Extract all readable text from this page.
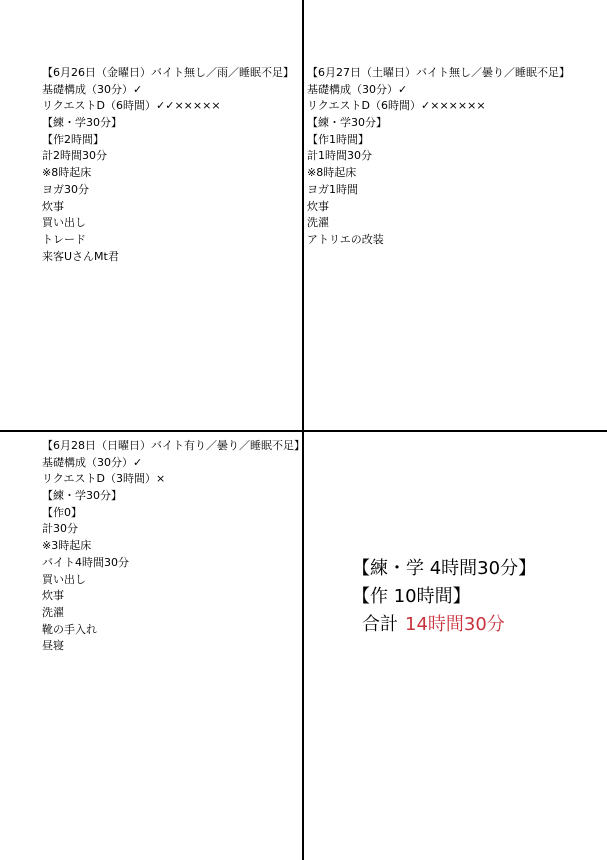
【6月26日（金曜日）バイト無し／雨／睡眠不足】
基礎構成（30分）✓
リクエストD（6時間）✓✓×××××
【練・学30分】
【作2時間】
計2時間30分
※8時起床
ヨガ30分
炊事
買い出し
トレード
来客UさんMt君
【6月27日（土曜日）バイト無し／曇り／睡眠不足】
基礎構成（30分）✓
リクエストD（6時間）✓××××××
【練・学30分】
【作1時間】
計1時間30分
※8時起床
ヨガ1時間
炊事
洗濯
アトリエの改装
【6月28日（日曜日）バイト有り／曇り／睡眠不足】
基礎構成（30分）✓
リクエストD（3時間）×
【練・学30分】
【作0】
計30分
※3時起床
バイト4時間30分
買い出し
炊事
洗濯
靴の手入れ
昼寝
【練・学 4時間30分】
【作 10時間】
合計 14時間30分
